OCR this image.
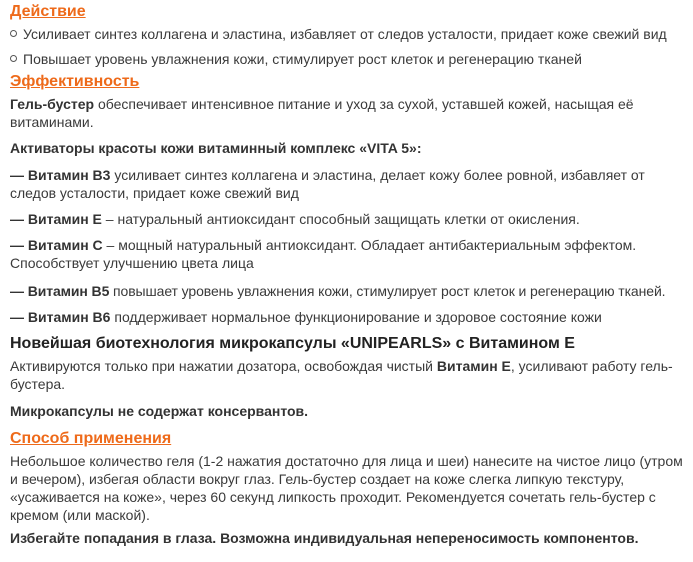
Действие
Усиливает синтез коллагена и эластина, избавляет от следов усталости, придает коже свежий вид
Повышает уровень увлажнения кожи, стимулирует рост клеток и регенерацию тканей
Эффективность
Гель-бустер обеспечивает интенсивное питание и уход за сухой, уставшей кожей, насыщая её витаминами.
Активаторы красоты кожи витаминный комплекс «VITA 5»:
— Витамин B3 усиливает синтез коллагена и эластина, делает кожу более ровной, избавляет от следов усталости, придает коже свежий вид
— Витамин E – натуральный антиоксидант способный защищать клетки от окисления.
— Витамин C – мощный натуральный антиоксидант. Обладает антибактериальным эффектом. Способствует улучшению цвета лица
— Витамин B5 повышает уровень увлажнения кожи, стимулирует рост клеток и регенерацию тканей.
— Витамин B6 поддерживает нормальное функционирование и здоровое состояние кожи
Новейшая биотехнология микрокапсулы «UNIPEARLS» с Витамином E
Активируются только при нажатии дозатора, освобождая чистый Витамин E, усиливают работу гель-бустера.
Микрокапсулы не содержат консервантов.
Способ применения
Небольшое количество геля (1-2 нажатия достаточно для лица и шеи) нанесите на чистое лицо (утром и вечером), избегая области вокруг глаз. Гель-бустер создает на коже слегка липкую текстуру, «усаживается на коже», через 60 секунд липкость проходит. Рекомендуется сочетать гель-бустер с кремом (или маской).
Избегайте попадания в глаза. Возможна индивидуальная непереносимость компонентов.
